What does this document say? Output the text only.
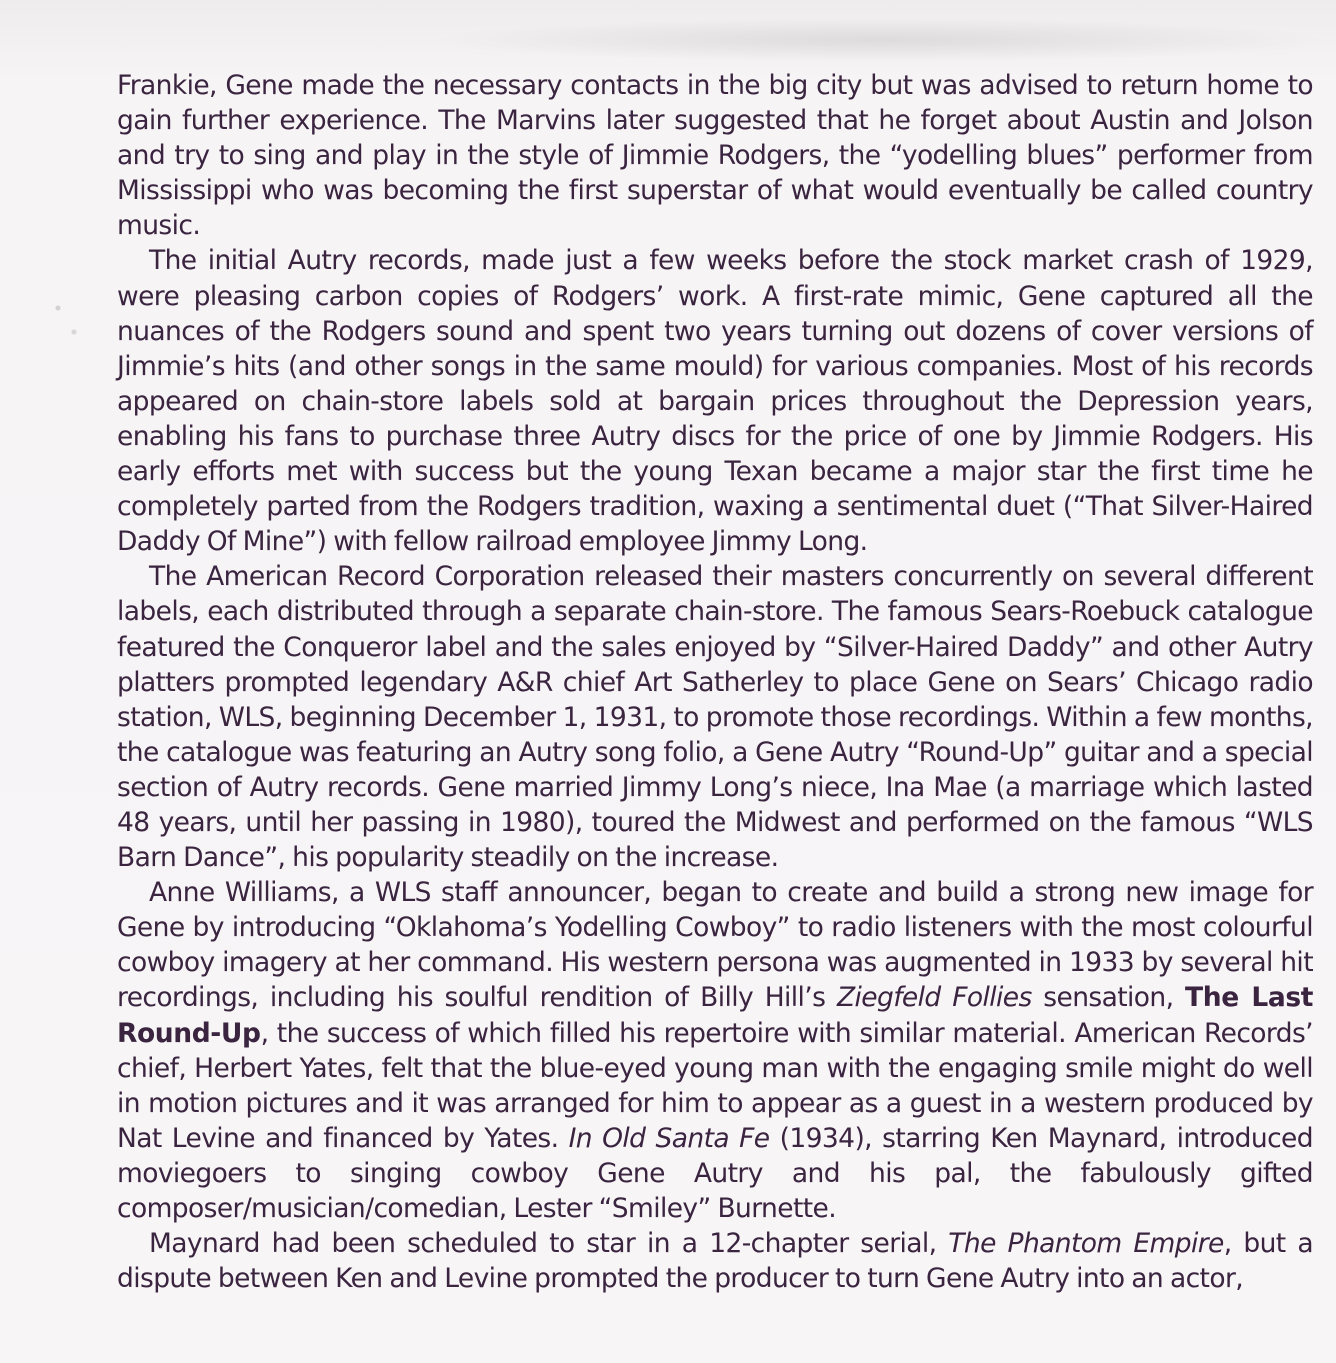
Frankie, Gene made the necessary contacts in the big city but was advised to return home to gain further experience. The Marvins later suggested that he forget about Austin and Jolson and try to sing and play in the style of Jimmie Rodgers, the “yodelling blues” performer from Mississippi who was becoming the first superstar of what would eventually be called country music.

The initial Autry records, made just a few weeks before the stock market crash of 1929, were pleasing carbon copies of Rodgers’ work. A first-rate mimic, Gene captured all the nuances of the Rodgers sound and spent two years turning out dozens of cover versions of Jimmie’s hits (and other songs in the same mould) for various companies. Most of his records appeared on chain-store labels sold at bargain prices throughout the Depression years, enabling his fans to purchase three Autry discs for the price of one by Jimmie Rodgers. His early efforts met with success but the young Texan became a major star the first time he completely parted from the Rodgers tradition, waxing a sentimental duet (“That Silver-Haired Daddy Of Mine”) with fellow railroad employee Jimmy Long.

The American Record Corporation released their masters concurrently on several different labels, each distributed through a separate chain-store. The famous Sears-Roebuck catalogue featured the Conqueror label and the sales enjoyed by “Silver-Haired Daddy” and other Autry platters prompted legendary A&R chief Art Satherley to place Gene on Sears’ Chicago radio station, WLS, beginning December 1, 1931, to promote those recordings. Within a few months, the catalogue was featuring an Autry song folio, a Gene Autry “Round-Up” guitar and a special section of Autry records. Gene married Jimmy Long’s niece, Ina Mae (a marriage which lasted 48 years, until her passing in 1980), toured the Midwest and performed on the famous “WLS Barn Dance”, his popularity steadily on the increase.

Anne Williams, a WLS staff announcer, began to create and build a strong new image for Gene by introducing “Oklahoma’s Yodelling Cowboy” to radio listeners with the most colourful cowboy imagery at her command. His western persona was augmented in 1933 by several hit recordings, including his soulful rendition of Billy Hill’s Ziegfeld Follies sensation, The Last Round-Up, the success of which filled his repertoire with similar material. American Records’ chief, Herbert Yates, felt that the blue-eyed young man with the engaging smile might do well in motion pictures and it was arranged for him to appear as a guest in a western produced by Nat Levine and financed by Yates. In Old Santa Fe (1934), starring Ken Maynard, introduced moviegoers to singing cowboy Gene Autry and his pal, the fabulously gifted composer/musician/comedian, Lester “Smiley” Burnette.

Maynard had been scheduled to star in a 12-chapter serial, The Phantom Empire, but a dispute between Ken and Levine prompted the producer to turn Gene Autry into an actor,
